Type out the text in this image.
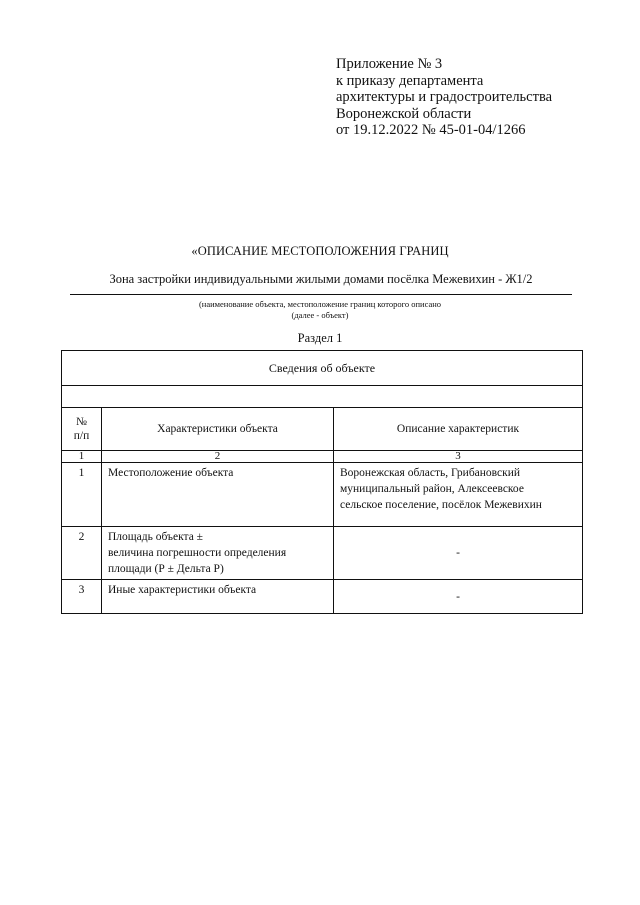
Приложение № 3
к приказу департамента
архитектуры и градостроительства
Воронежской области
от 19.12.2022 № 45-01-04/1266
«ОПИСАНИЕ МЕСТОПОЛОЖЕНИЯ ГРАНИЦ
Зона застройки индивидуальными жилыми домами посёлка Межевихин - Ж1/2
(наименование объекта, местоположение границ которого описано
(далее - объект)
Раздел 1
Сведения об объекте		

№
п/п	Характеристики объекта	Описание характеристик
1	2	3
1	Местоположение объекта	Воронежская область, Грибановский
муниципальный район, Алексеевское
сельское поселение, посёлок Межевихин

2	Площадь объекта ±
величина погрешности определения
площади (Р ± Дельта Р)	-
3	Иные характеристики объекта	-
